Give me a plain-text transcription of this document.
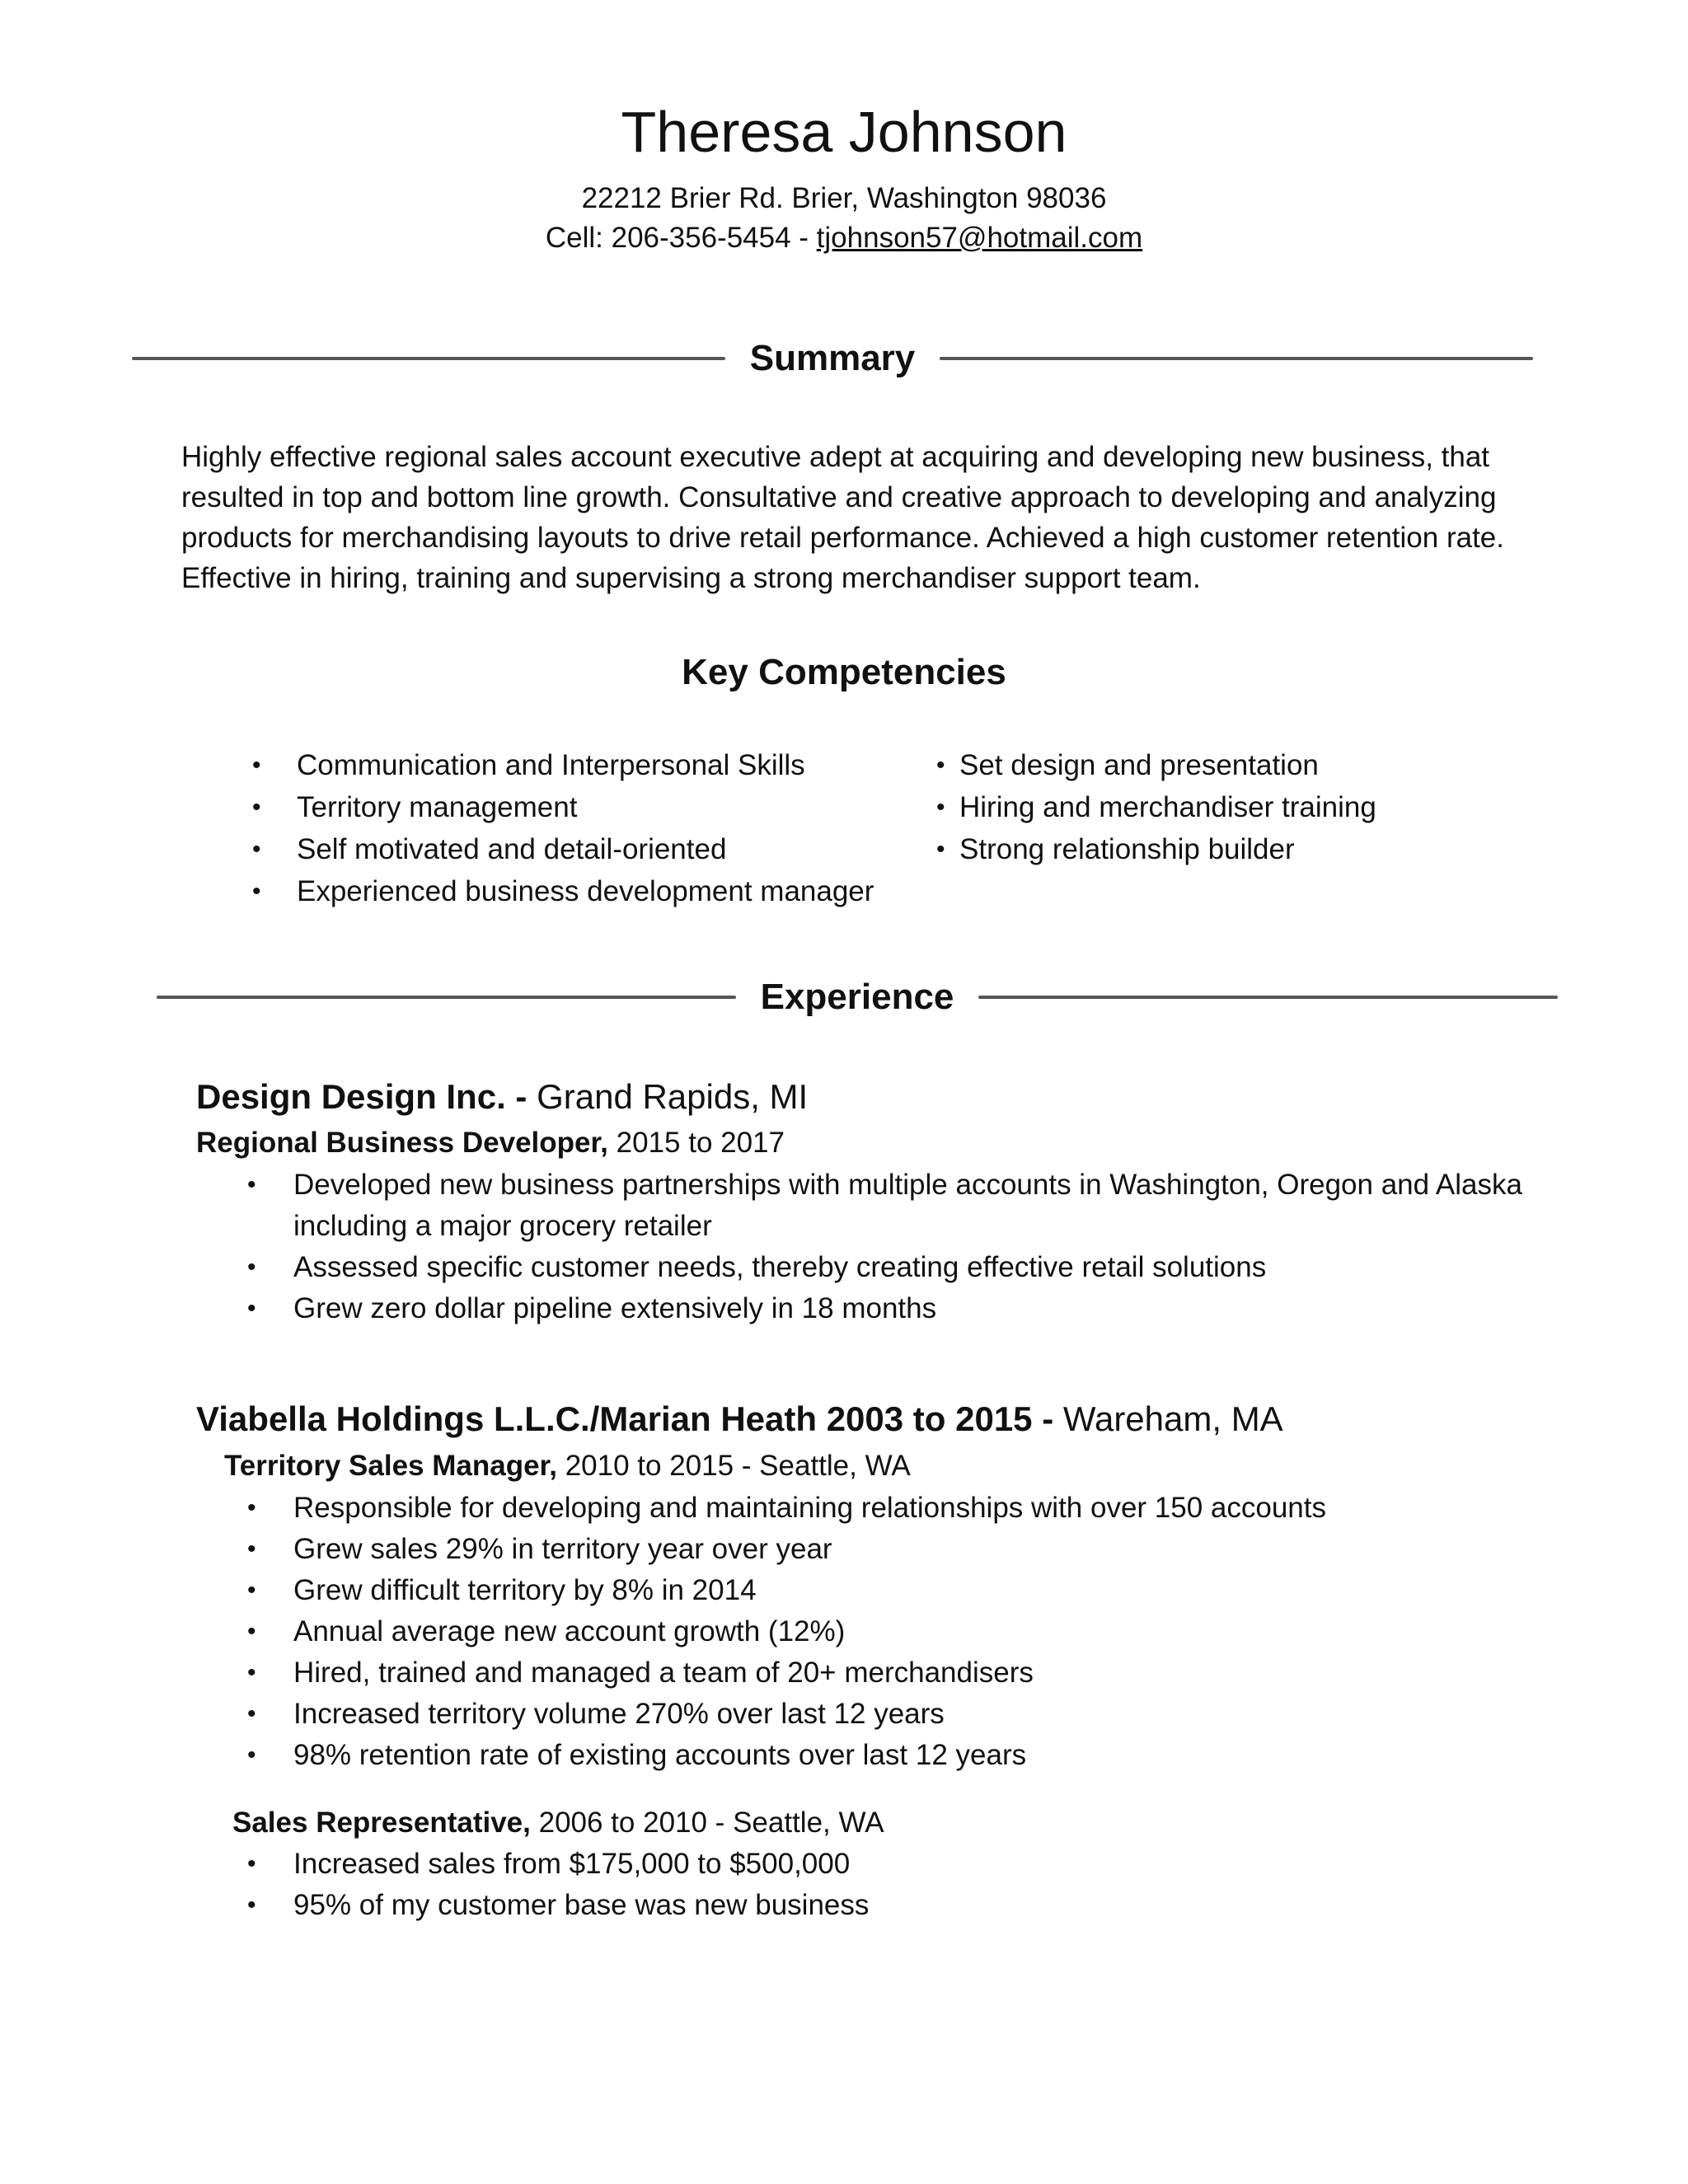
Theresa Johnson
22212 Brier Rd. Brier, Washington 98036
Cell: 206-356-5454 - tjohnson57@hotmail.com
Summary

Highly effective regional sales account executive adept at acquiring and developing new business, that resulted in top and bottom line growth. Consultative and creative approach to developing and analyzing products for merchandising layouts to drive retail performance. Achieved a high customer retention rate. Effective in hiring, training and supervising a strong merchandiser support team.

Key Competencies
•	Communication and Interpersonal Skills
•	Territory management
•	Self motivated and detail-oriented
•	Experienced business development manager
• Set design and presentation
• Hiring and merchandiser training
• Strong relationship builder
Experience
Design Design Inc. - Grand Rapids, MI
Regional Business Developer, 2015 to 2017
•	Developed new business partnerships with multiple accounts in Washington, Oregon and Alaska including a major grocery retailer
•	Assessed specific customer needs, thereby creating effective retail solutions
•	Grew zero dollar pipeline extensively in 18 months
Viabella Holdings L.L.C./Marian Heath 2003 to 2015 - Wareham, MA
Territory Sales Manager, 2010 to 2015 - Seattle, WA
•	Responsible for developing and maintaining relationships with over 150 accounts
•	Grew sales 29% in territory year over year
•	Grew difficult territory by 8% in 2014
•	Annual average new account growth (12%)
•	Hired, trained and managed a team of 20+ merchandisers
•	Increased territory volume 270% over last 12 years
•	98% retention rate of existing accounts over last 12 years
Sales Representative, 2006 to 2010 - Seattle, WA
•	Increased sales from $175,000 to $500,000
•	95% of my customer base was new business
